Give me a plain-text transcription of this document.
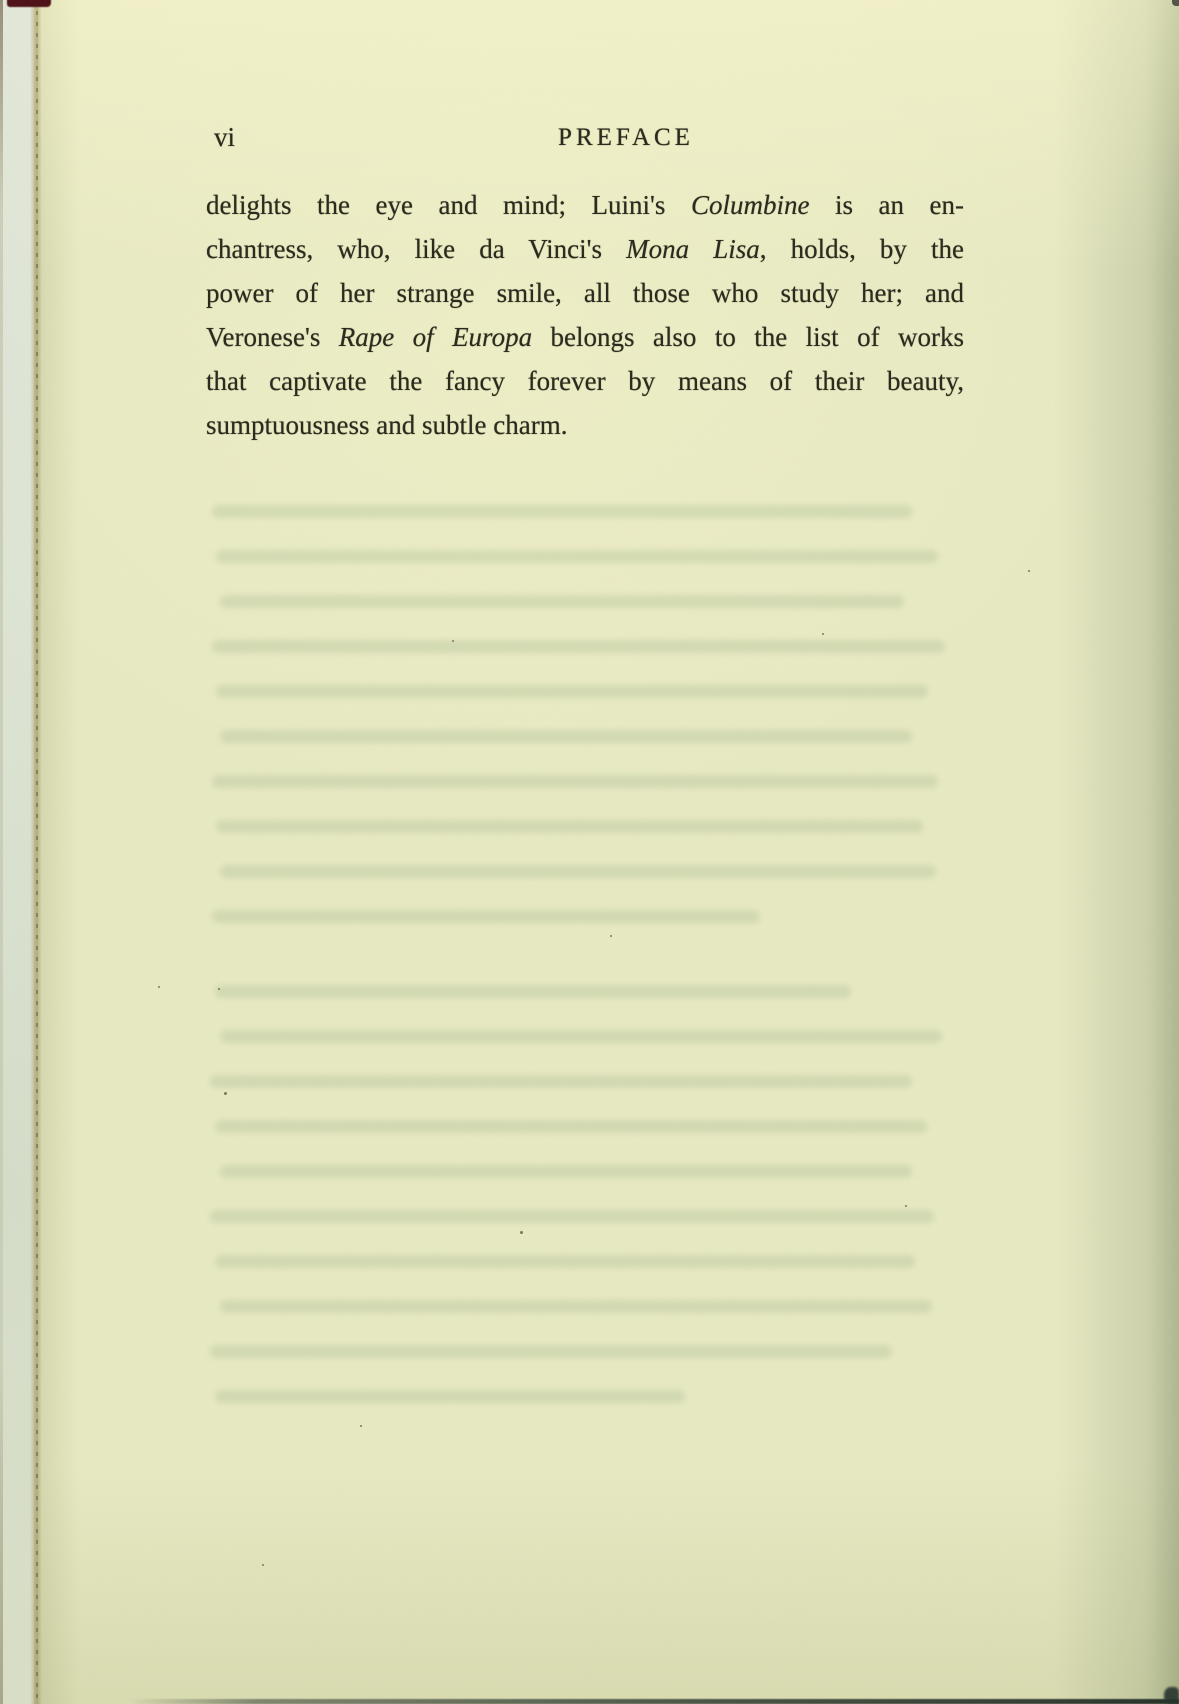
vi	PREFACE
delights the eye and mind; Luini's Columbine is an en-
chantress, who, like da Vinci's Mona Lisa, holds, by the
power of her strange smile, all those who study her; and
Veronese's Rape of Europa belongs also to the list of works
that captivate the fancy forever by means of their beauty,
sumptuousness and subtle charm.
